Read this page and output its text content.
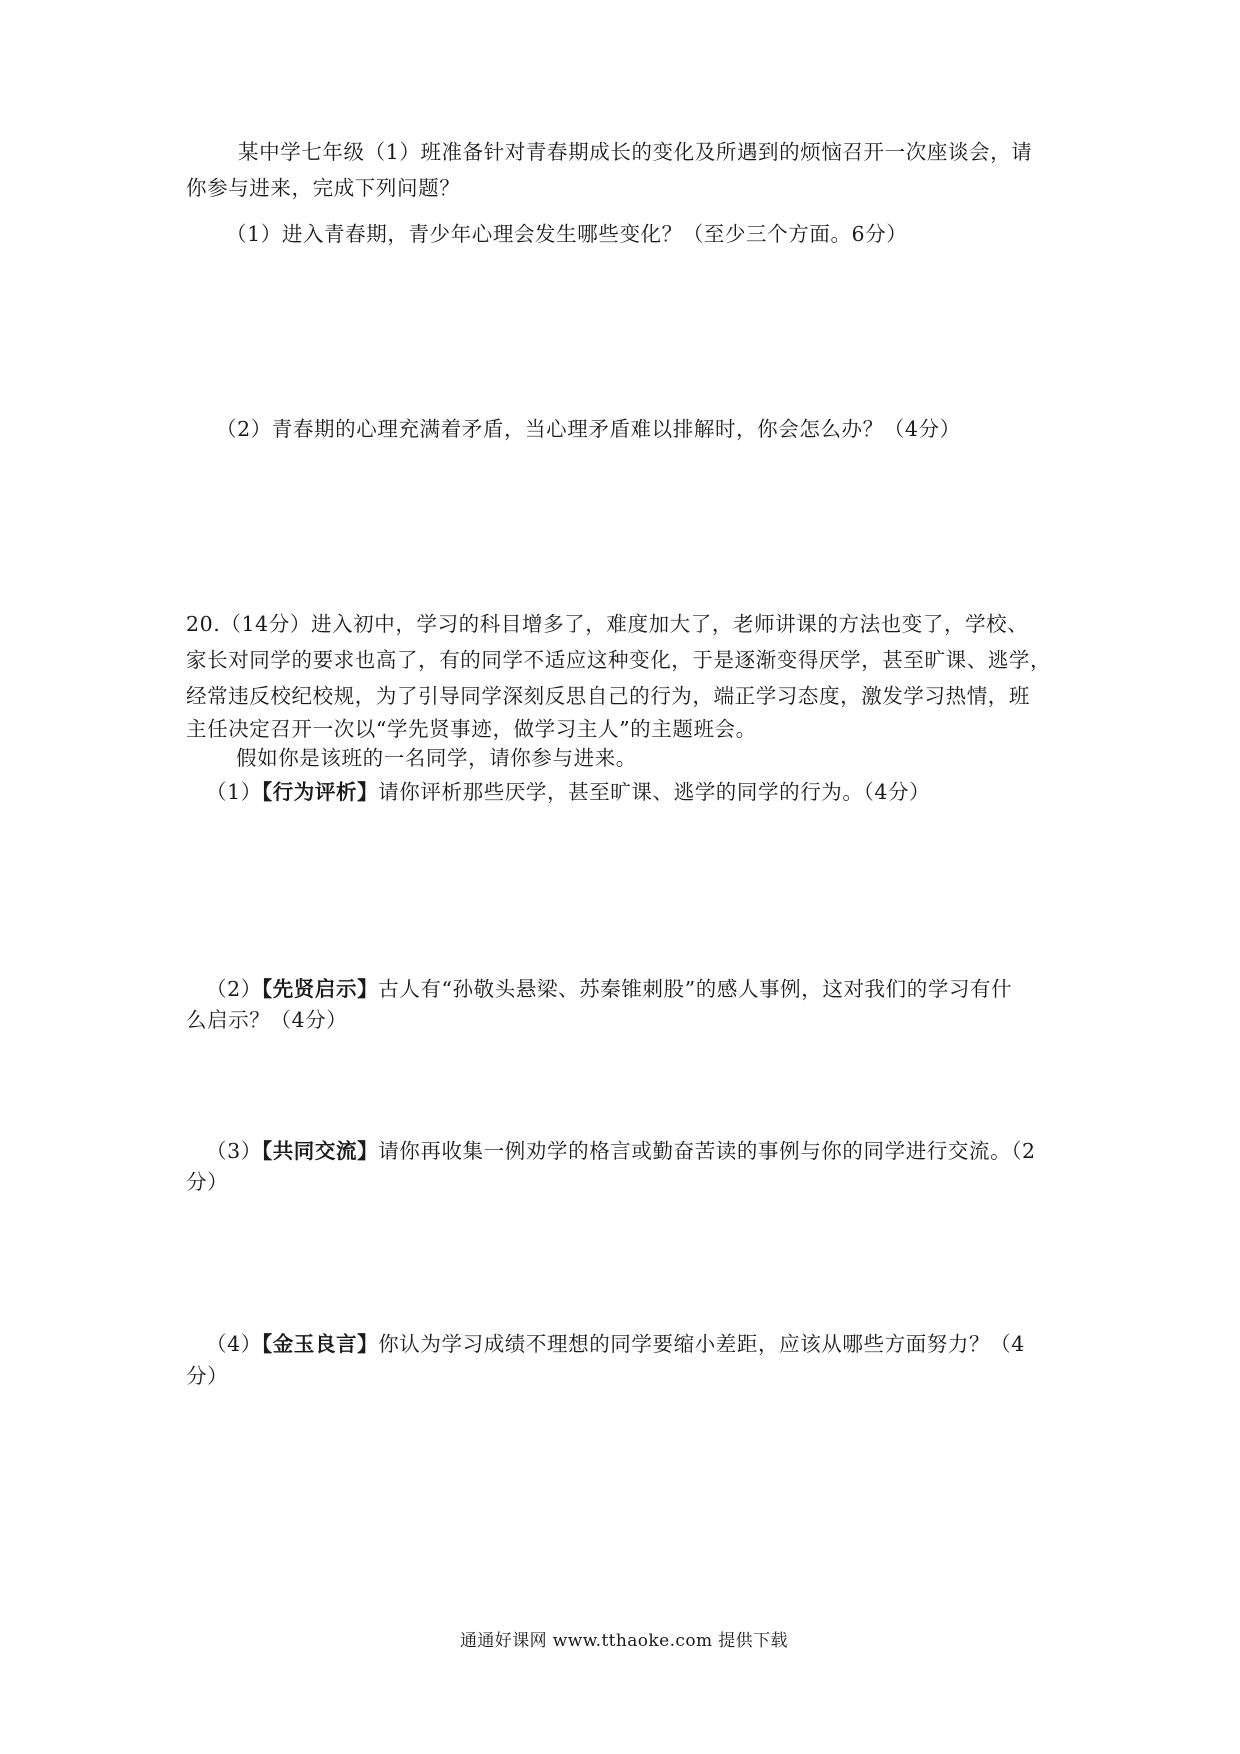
某中学七年级（1）班准备针对青春期成长的变化及所遇到的烦恼召开一次座谈会，请
你参与进来，完成下列问题？
（1）进入青春期，青少年心理会发生哪些变化？（至少三个方面。6分）
（2）青春期的心理充满着矛盾，当心理矛盾难以排解时，你会怎么办？（4分）
20.（14分）进入初中，学习的科目增多了，难度加大了，老师讲课的方法也变了，学校、
家长对同学的要求也高了，有的同学不适应这种变化，于是逐渐变得厌学，甚至旷课、逃学，
经常违反校纪校规，为了引导同学深刻反思自己的行为，端正学习态度，激发学习热情，班
主任决定召开一次以“学先贤事迹，做学习主人”的主题班会。
假如你是该班的一名同学，请你参与进来。
（1）【行为评析】请你评析那些厌学，甚至旷课、逃学的同学的行为。（4分）
（2）【先贤启示】古人有“孙敬头悬梁、苏秦锥刺股”的感人事例，这对我们的学习有什
么启示？（4分）
（3）【共同交流】请你再收集一例劝学的格言或勤奋苦读的事例与你的同学进行交流。（2
分）
（4）【金玉良言】你认为学习成绩不理想的同学要缩小差距，应该从哪些方面努力？（4
分）
通通好课网 www.tthaoke.com 提供下载
